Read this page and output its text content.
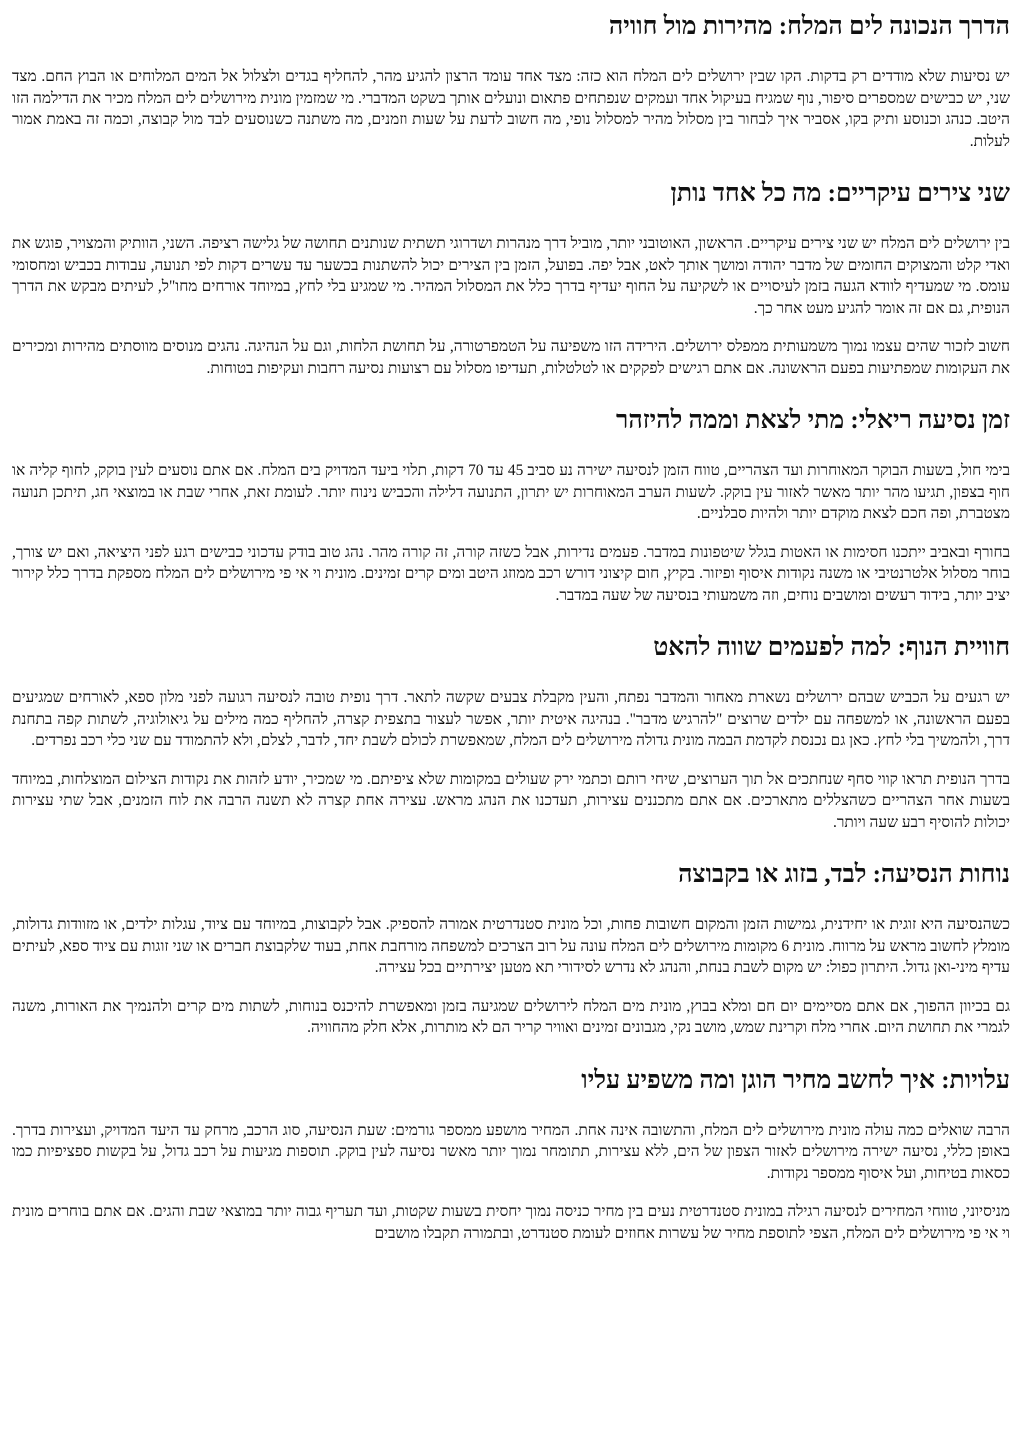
הדרך הנכונה לים המלח: מהירות מול חוויה

יש נסיעות שלא מודדים רק בדקות. הקו שבין ירושלים לים המלח הוא כזה: מצד אחד עומד הרצון להגיע מהר, להחליף בגדים ולצלול אל המים המלוחים או הבוץ החם. מצד שני, יש כבישים שמספרים סיפור, נוף שמגיח בעיקול אחד ועמקים שנפתחים פתאום ונועלים אותך בשקט המדברי. מי שמזמין מונית מירושלים לים המלח מכיר את הדילמה הזו היטב. כנהג וכנוסע ותיק בקו, אסביר איך לבחור בין מסלול מהיר למסלול נופי, מה חשוב לדעת על שעות וזמנים, מה משתנה כשנוסעים לבד מול קבוצה, וכמה זה באמת אמור לעלות.

שני צירים עיקריים: מה כל אחד נותן

בין ירושלים לים המלח יש שני צירים עיקריים. הראשון, האוטובני יותר, מוביל דרך מנהרות ושדרוגי תשתית שנותנים תחושה של גלישה רציפה. השני, הוותיק והמצויר, פוגש את ואדי קלט והמצוקים החומים של מדבר יהודה ומושך אותך לאט, אבל יפה. בפועל, הזמן בין הצירים יכול להשתנות בכשער עד עשרים דקות לפי תנועה, עבודות בכביש ומחסומי עומס. מי שמעדיף לוודא הגעה בזמן לעיסויים או לשקיעה על החוף יעדיף בדרך כלל את המסלול המהיר. מי שמגיע בלי לחץ, במיוחד אורחים מחו"ל, לעיתים מבקש את הדרך הנופית, גם אם זה אומר להגיע מעט אחר כך.

חשוב לזכור שהים עצמו נמוך משמעותית ממפלס ירושלים. הירידה הזו משפיעה על הטמפרטורה, על תחושת הלחות, וגם על הנהיגה. נהגים מנוסים מווסתים מהירות ומכירים את העקומות שמפתיעות בפעם הראשונה. אם אתם רגישים לפקקים או לטלטלות, תעדיפו מסלול עם רצועות נסיעה רחבות ועקיפות בטוחות.

זמן נסיעה ריאלי: מתי לצאת וממה להיזהר

בימי חול, בשעות הבוקר המאוחרות ועד הצהריים, טווח הזמן לנסיעה ישירה נע סביב 45 עד 70 דקות, תלוי ביעד המדויק בים המלח. אם אתם נוסעים לעין בוקק, לחוף קליה או חוף בצפון, תגיעו מהר יותר מאשר לאזור עין בוקק. לשעות הערב המאוחרות יש יתרון, התנועה דלילה והכביש נינוח יותר. לעומת זאת, אחרי שבת או במוצאי חג, תיתכן תנועה מצטברת, ופה חכם לצאת מוקדם יותר ולהיות סבלניים.

בחורף ובאביב ייתכנו חסימות או האטות בגלל שיטפונות במדבר. פעמים נדירות, אבל כשזה קורה, זה קורה מהר. נהג טוב בודק עדכוני כבישים רגע לפני היציאה, ואם יש צורך, בוחר מסלול אלטרנטיבי או משנה נקודות איסוף ופיזור. בקיץ, חום קיצוני דורש רכב ממוזג היטב ומים קרים זמינים. מונית וי אי פי מירושלים לים המלח מספקת בדרך כלל קירור יציב יותר, בידוד רעשים ומושבים נוחים, וזה משמעותי בנסיעה של שעה במדבר.

חוויית הנוף: למה לפעמים שווה להאט

יש רגעים על הכביש שבהם ירושלים נשארת מאחור והמדבר נפתח, והעין מקבלת צבעים שקשה לתאר. דרך נופית טובה לנסיעה רגועה לפני מלון ספא, לאורחים שמגיעים בפעם הראשונה, או למשפחה עם ילדים שרוצים "להרגיש מדבר". בנהיגה איטית יותר, אפשר לעצור בתצפית קצרה, להחליף כמה מילים על גיאולוגיה, לשתות קפה בתחנת דרך, ולהמשיך בלי לחץ. כאן גם נכנסת לקדמת הבמה מונית גדולה מירושלים לים המלח, שמאפשרת לכולם לשבת יחד, לדבר, לצלם, ולא להתמודד עם שני כלי רכב נפרדים.

בדרך הנופית תראו קווי סחף שנחתכים אל תוך הערוצים, שיחי רותם וכתמי ירק שעולים במקומות שלא ציפיתם. מי שמכיר, יודע לזהות את נקודות הצילום המוצלחות, במיוחד בשעות אחר הצהריים כשהצללים מתארכים. אם אתם מתכננים עצירות, תעדכנו את הנהג מראש. עצירה אחת קצרה לא תשנה הרבה את לוח הזמנים, אבל שתי עצירות יכולות להוסיף רבע שעה ויותר.

נוחות הנסיעה: לבד, בזוג או בקבוצה

כשהנסיעה היא זוגית או יחידנית, גמישות הזמן והמקום חשובות פחות, וכל מונית סטנדרטית אמורה להספיק. אבל לקבוצות, במיוחד עם ציוד, עגלות ילדים, או מזוודות גדולות, מומלץ לחשוב מראש על מרווח. מונית 6 מקומות מירושלים לים המלח עונה על רוב הצרכים למשפחה מורחבת אחת, בעוד שלקבוצת חברים או שני זוגות עם ציוד ספא, לעיתים עדיף מיני-ואן גדול. היתרון כפול: יש מקום לשבת בנחת, והנהג לא נדרש לסידורי תא מטען יצירתיים בכל עצירה.

גם בכיוון ההפוך, אם אתם מסיימים יום חם ומלא בבוץ, מונית מים המלח לירושלים שמגיעה בזמן ומאפשרת להיכנס בנוחות, לשתות מים קרים ולהנמיך את האורות, משנה לגמרי את תחושת היום. אחרי מלח וקרינת שמש, מושב נקי, מגבונים זמינים ואוויר קריר הם לא מותרות, אלא חלק מהחוויה.

עלויות: איך לחשב מחיר הוגן ומה משפיע עליו

הרבה שואלים כמה עולה מונית מירושלים לים המלח, והתשובה אינה אחת. המחיר מושפע ממספר גורמים: שעת הנסיעה, סוג הרכב, מרחק עד היעד המדויק, ועצירות בדרך. באופן כללי, נסיעה ישירה מירושלים לאזור הצפון של הים, ללא עצירות, תתומחר נמוך יותר מאשר נסיעה לעין בוקק. תוספות מגיעות על רכב גדול, על בקשות ספציפיות כמו כסאות בטיחות, ועל איסוף ממספר נקודות.

מניסיוני, טווחי המחירים לנסיעה רגילה במונית סטנדרטית נעים בין מחיר כניסה נמוך יחסית בשעות שקטות, ועד תעריף גבוה יותר במוצאי שבת והגים. אם אתם בוחרים מונית וי אי פי מירושלים לים המלח, הצפי לתוספת מחיר של עשרות אחוזים לעומת סטנדרט, ובתמורה תקבלו מושבים
